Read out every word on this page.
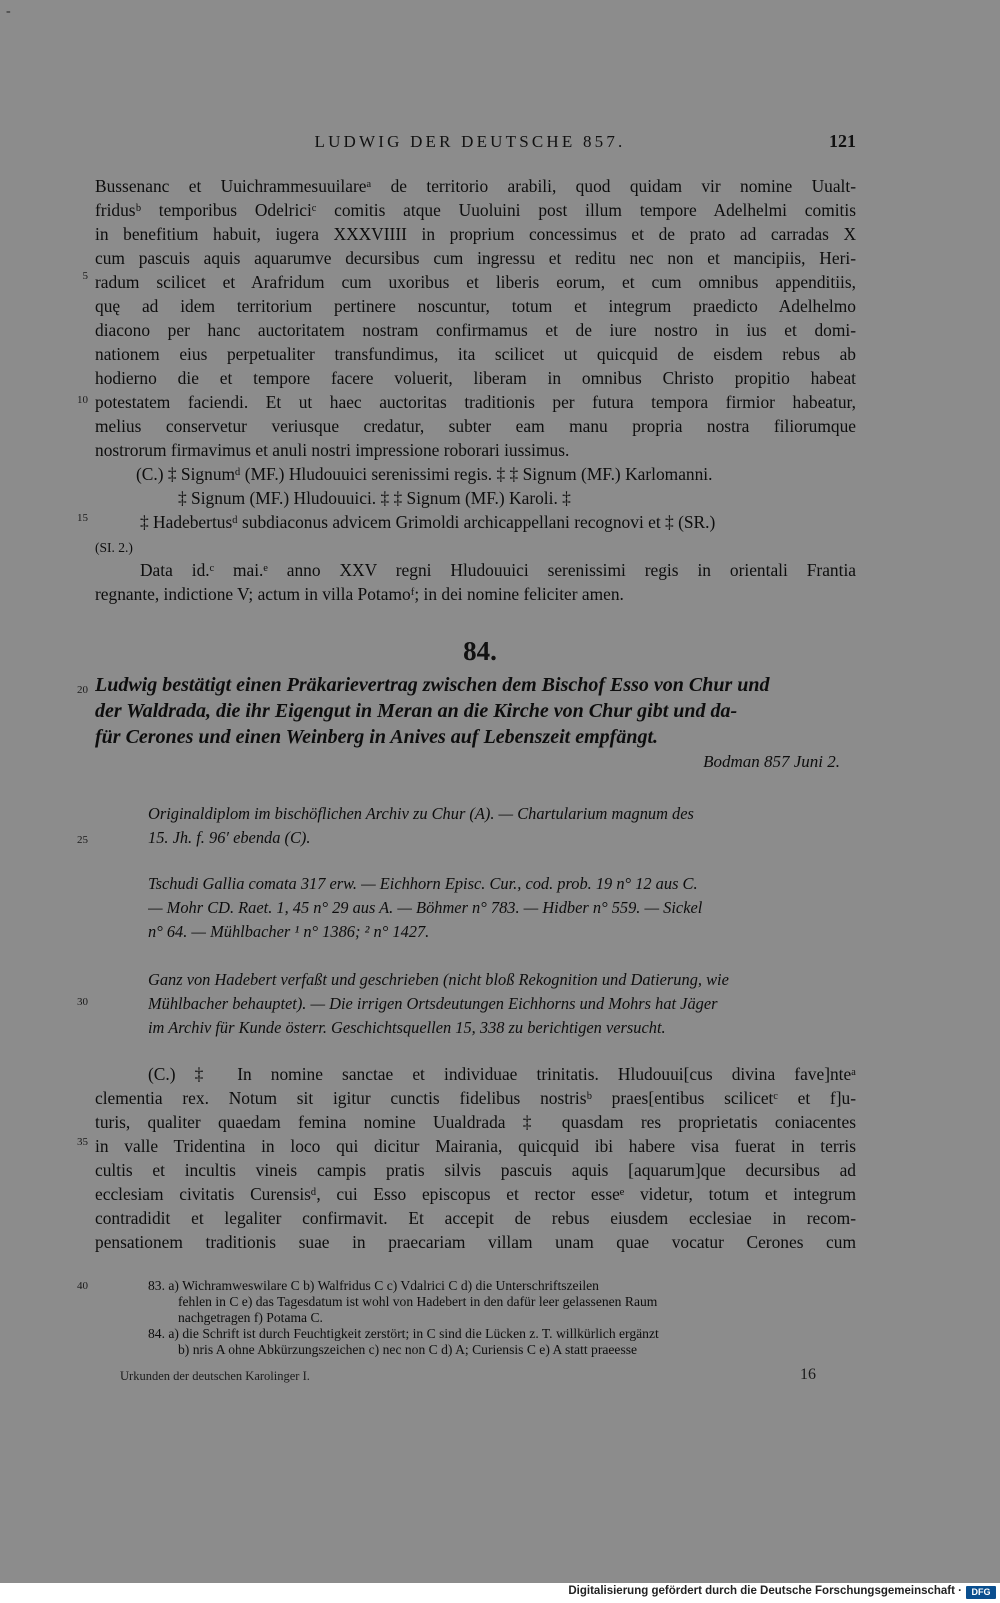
-
LUDWIG DER DEUTSCHE 857.	121
5
10
15
20
25
30
35
40
Bussenanc et Uuichrammesuuilareᵃ de territorio arabili, quod quidam vir nomine Uualt-
fridusᵇ temporibus Odelriciᶜ comitis atque Uuoluini post illum tempore Adelhelmi comitis
in benefitium habuit, iugera XXXVIIII in proprium concessimus et de prato ad carradas X
cum pascuis aquis aquarumve decursibus cum ingressu et reditu nec non et mancipiis, Heri-
radum scilicet et Arafridum cum uxoribus et liberis eorum, et cum omnibus appenditiis,
quę ad idem territorium pertinere noscuntur, totum et integrum praedicto Adelhelmo
diacono per hanc auctoritatem nostram confirmamus et de iure nostro in ius et domi-
nationem eius perpetualiter transfundimus, ita scilicet ut quicquid de eisdem rebus ab
hodierno die et tempore facere voluerit, liberam in omnibus Christo propitio habeat
potestatem faciendi. Et ut haec auctoritas traditionis per futura tempora firmior habeatur,
melius conservetur veriusque credatur, subter eam manu propria nostra filiorumque
nostrorum firmavimus et anuli nostri impressione roborari iussimus.
(C.) ‡ Signumᵈ (MF.) Hludouuici serenissimi regis. ‡ ‡ Signum (MF.) Karlomanni.
‡ Signum (MF.) Hludouuici. ‡ ‡ Signum (MF.) Karoli. ‡
‡ Hadebertusᵈ subdiaconus advicem Grimoldi archicappellani recognovi et ‡ (SR.)
(SI. 2.)
Data id.ᶜ mai.ᵉ anno XXV regni Hludouuici serenissimi regis in orientali Frantia
regnante, indictione V; actum in villa Potamoᶠ; in dei nomine feliciter amen.
84.
Ludwig bestätigt einen Präkarievertrag zwischen dem Bischof Esso von Chur und
der Waldrada, die ihr Eigengut in Meran an die Kirche von Chur gibt und da-
für Cerones und einen Weinberg in Anives auf Lebenszeit empfängt.
Bodman 857 Juni 2.
Originaldiplom im bischöflichen Archiv zu Chur (A). — Chartularium magnum des
15. Jh. f. 96′ ebenda (C).
Tschudi Gallia comata 317 erw. — Eichhorn Episc. Cur., cod. prob. 19 n° 12 aus C.
— Mohr CD. Raet. 1, 45 n° 29 aus A. — Böhmer n° 783. — Hidber n° 559. — Sickel
n° 64. — Mühlbacher ¹ n° 1386; ² n° 1427.
Ganz von Hadebert verfaßt und geschrieben (nicht bloß Rekognition und Datierung, wie
Mühlbacher behauptet). — Die irrigen Ortsdeutungen Eichhorns und Mohrs hat Jäger
im Archiv für Kunde österr. Geschichtsquellen 15, 338 zu berichtigen versucht.
(C.) ‡ In nomine sanctae et individuae trinitatis. Hludouui[cus divina fave]nteᵃ
clementia rex. Notum sit igitur cunctis fidelibus nostrisᵇ praes[entibus scilicetᶜ et f]u-
turis, qualiter quaedam femina nomine Uualdrada ‡ quasdam res proprietatis coniacentes
in valle Tridentina in loco qui dicitur Mairania, quicquid ibi habere visa fuerat in terris
cultis et incultis vineis campis pratis silvis pascuis aquis [aquarum]que decursibus ad
ecclesiam civitatis Curensisᵈ, cui Esso episcopus et rector esseᵉ videtur, totum et integrum
contradidit et legaliter confirmavit. Et accepit de rebus eiusdem ecclesiae in recom-
pensationem traditionis suae in praecariam villam unam quae vocatur Cerones cum
83. a) Wichramweswilare C b) Walfridus C c) Vdalrici C d) die Unterschriftszeilen
fehlen in C e) das Tagesdatum ist wohl von Hadebert in den dafür leer gelassenen Raum
nachgetragen f) Potama C.
84. a) die Schrift ist durch Feuchtigkeit zerstört; in C sind die Lücken z. T. willkürlich ergänzt
b) nris A ohne Abkürzungszeichen c) nec non C d) A; Curiensis C e) A statt praeesse
Urkunden der deutschen Karolinger I.	16
Digitalisierung gefördert durch die Deutsche Forschungsgemeinschaft ·	DFG
